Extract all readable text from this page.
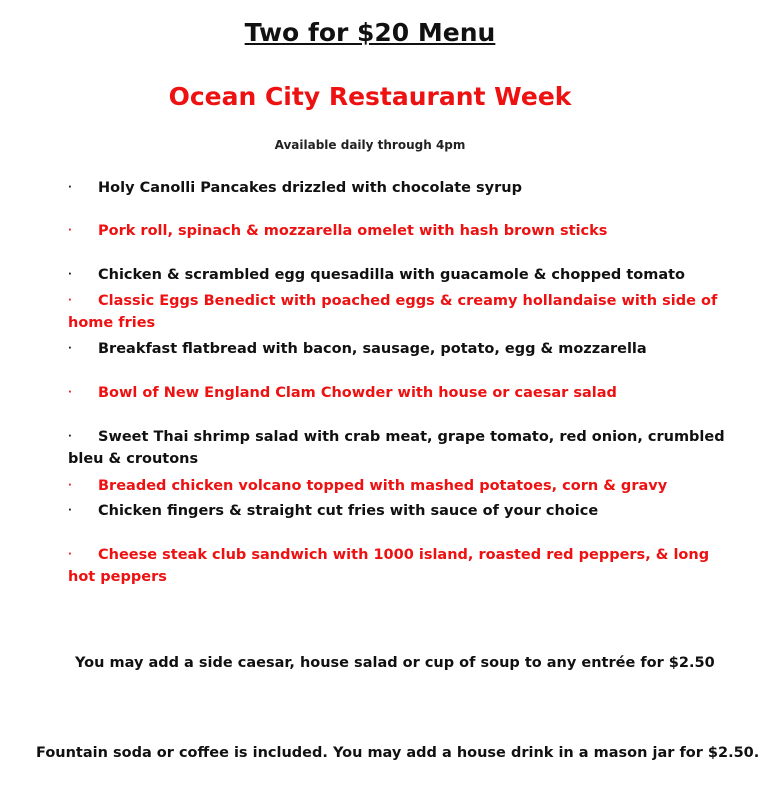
Two for $20 Menu
Ocean City Restaurant Week

Available daily through 4pm

· Holy Canolli Pancakes drizzled with chocolate syrup

· Pork roll, spinach & mozzarella omelet with hash brown sticks

· Chicken & scrambled egg quesadilla with guacamole & chopped tomato

· Classic Eggs Benedict with poached eggs & creamy hollandaise with side of home fries

· Breakfast flatbread with bacon, sausage, potato, egg & mozzarella

· Bowl of New England Clam Chowder with house or caesar salad

· Sweet Thai shrimp salad with crab meat, grape tomato, red onion, crumbled bleu & croutons

· Breaded chicken volcano topped with mashed potatoes, corn & gravy

· Chicken fingers & straight cut fries with sauce of your choice

· Cheese steak club sandwich with 1000 island, roasted red peppers, & long hot peppers

You may add a side caesar, house salad or cup of soup to any entrée for $2.50

Fountain soda or coffee is included. You may add a house drink in a mason jar for $2.50.
